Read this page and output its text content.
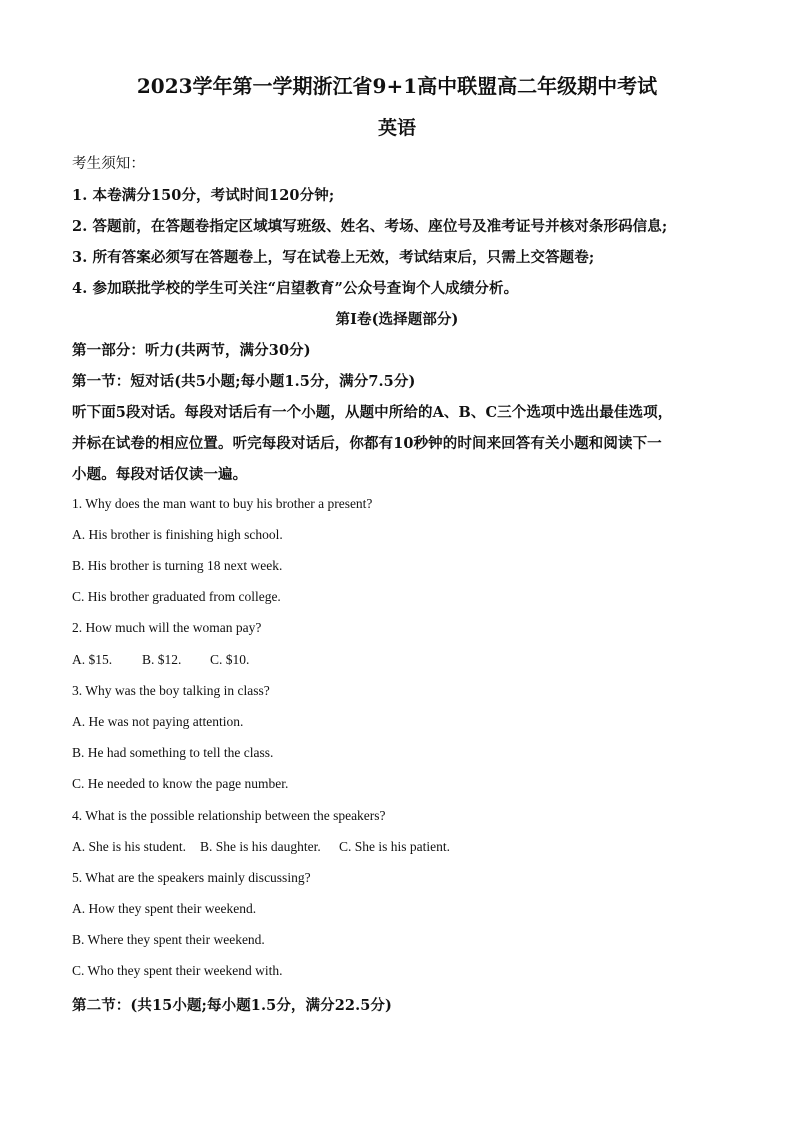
2023学年第一学期浙江省9+1高中联盟高二年级期中考试
英语
考生须知：
1. 本卷满分150分，考试时间120分钟;
2. 答题前，在答题卷指定区域填写班级、姓名、考场、座位号及准考证号并核对条形码信息;
3. 所有答案必须写在答题卷上，写在试卷上无效，考试结束后，只需上交答题卷;
4. 参加联批学校的学生可关注“启望教育”公众号查询个人成绩分析。
第Ⅰ卷(选择题部分)
第一部分：听力(共两节，满分30分)
第一节：短对话(共5小题;每小题1.5分，满分7.5分)
听下面5段对话。每段对话后有一个小题，从题中所给的A、B、C三个选项中选出最佳选项，
并标在试卷的相应位置。听完每段对话后，你都有10秒钟的时间来回答有关小题和阅读下一
小题。每段对话仅读一遍。
1. Why does the man want to buy his brother a present?
A. His brother is finishing high school.
B. His brother is turning 18 next week.
C. His brother graduated from college.
2. How much will the woman pay?
A. $15. B. $12. C. $10.
3. Why was the boy talking in class?
A. He was not paying attention.
B. He had something to tell the class.
C. He needed to know the page number.
4. What is the possible relationship between the speakers?
A. She is his student. B. She is his daughter. C. She is his patient.
5. What are the speakers mainly discussing?
A. How they spent their weekend.
B. Where they spent their weekend.
C. Who they spent their weekend with.
第二节：(共15小题;每小题1.5分，满分22.5分)
